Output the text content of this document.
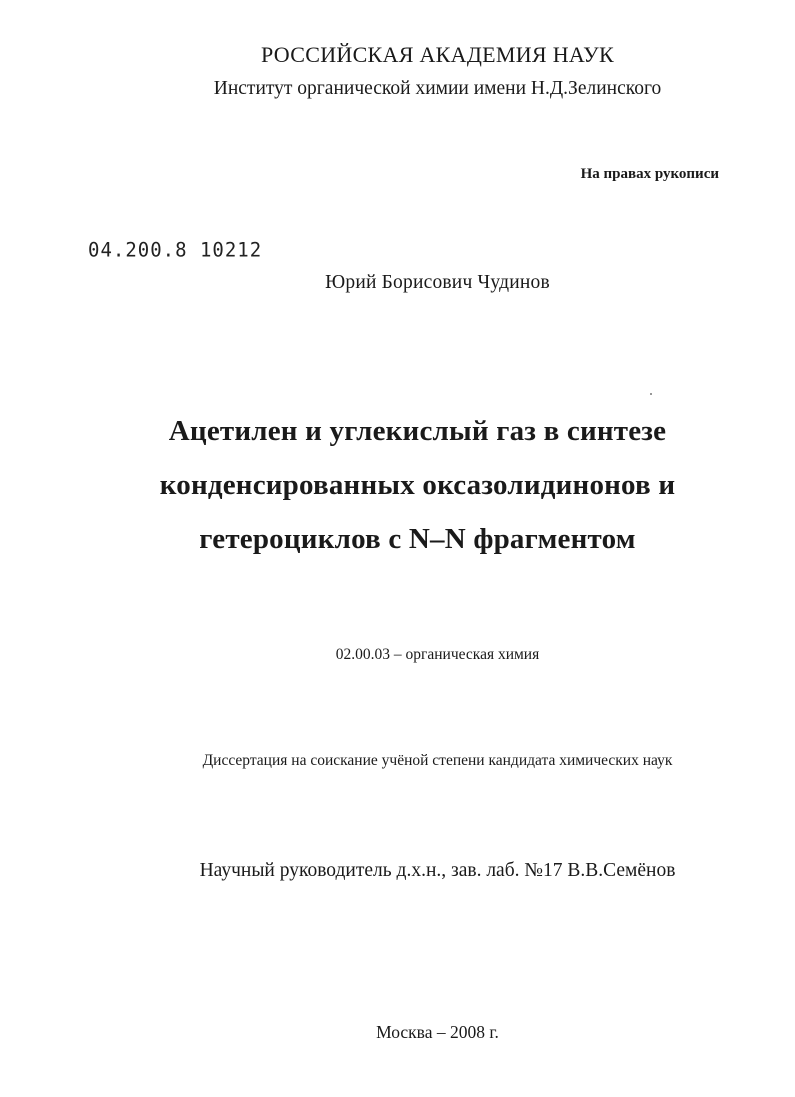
РОССИЙСКАЯ АКАДЕМИЯ НАУК
Институт органической химии имени Н.Д.Зелинского
На правах рукописи
04.200.8 10212
Юрий Борисович Чудинов
Ацетилен и углекислый газ в синтезе
конденсированных оксазолидинонов и
гетероциклов с N–N фрагментом
02.00.03 – органическая химия
Диссертация на соискание учёной степени кандидата химических наук
Научный руководитель д.х.н., зав. лаб. №17 В.В.Семёнов
Москва – 2008 г.
